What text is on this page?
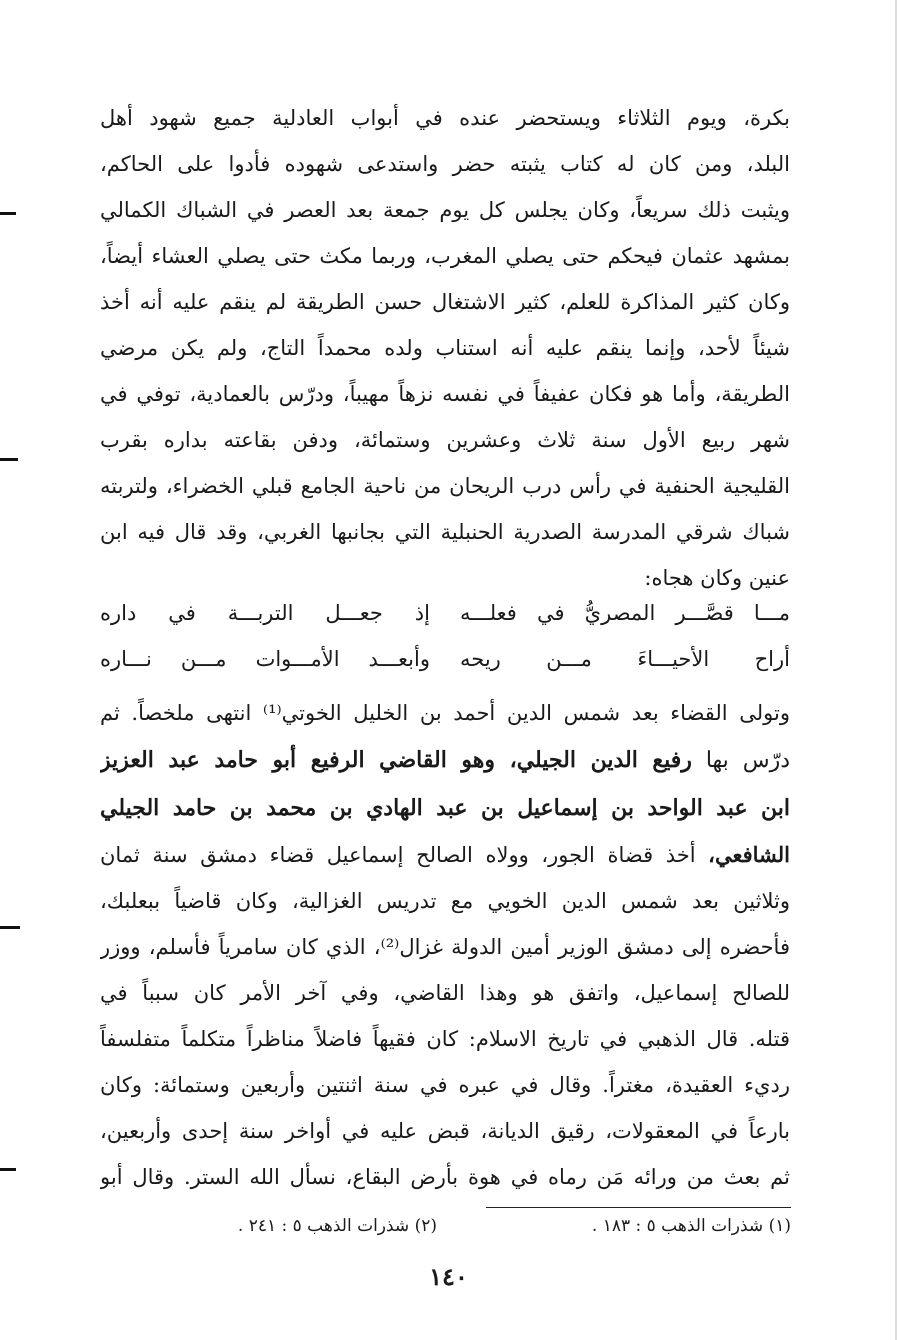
بكرة، ويوم الثلاثاء ويستحضر عنده في أبواب العادلية جميع شهود أهل
البلد، ومن كان له كتاب يثبته حضر واستدعى شهوده فأدوا على الحاكم،
ويثبت ذلك سريعاً، وكان يجلس كل يوم جمعة بعد العصر في الشباك الكمالي
بمشهد عثمان فيحكم حتى يصلي المغرب، وربما مكث حتى يصلي العشاء أيضاً،
وكان كثير المذاكرة للعلم، كثير الاشتغال حسن الطريقة لم ينقم عليه أنه أخذ
شيئاً لأحد، وإنما ينقم عليه أنه استناب ولده محمداً التاج، ولم يكن مرضي
الطريقة، وأما هو فكان عفيفاً في نفسه نزهاً مهيباً، ودرّس بالعمادية، توفي في
شهر ربيع الأول سنة ثلاث وعشرين وستمائة، ودفن بقاعته بداره بقرب
القليجية الحنفية في رأس درب الريحان من ناحية الجامع قبلي الخضراء، ولتربته
شباك شرقي المدرسة الصدرية الحنبلية التي بجانبها الغربي، وقد قال فيه ابن
عنين وكان هجاه:
مـــا قصَّـــر المصريُّ في فعلـــه
إذ جعـــل التربـــة في داره
أراح الأحيـــاءَ مـــن ريحه
وأبعـــد الأمـــوات مـــن نـــاره
وتولى القضاء بعد شمس الدين أحمد بن الخليل الخوتي⁽¹⁾ انتهى ملخصاً. ثم
درّس بها رفيع الدين الجيلي، وهو القاضي الرفيع أبو حامد عبد العزيز
ابن عبد الواحد بن إسماعيل بن عبد الهادي بن محمد بن حامد الجيلي
الشافعي، أخذ قضاة الجور، وولاه الصالح إسماعيل قضاء دمشق سنة ثمان
وثلاثين بعد شمس الدين الخويي مع تدريس الغزالية، وكان قاضياً ببعلبك،
فأحضره إلى دمشق الوزير أمين الدولة غزال⁽²⁾، الذي كان سامرياً فأسلم، ووزر
للصالح إسماعيل، واتفق هو وهذا القاضي، وفي آخر الأمر كان سبباً في
قتله. قال الذهبي في تاريخ الاسلام: كان فقيهاً فاضلاً مناظراً متكلماً متفلسفاً
رديء العقيدة، مغتراً. وقال في عبره في سنة اثنتين وأربعين وستمائة: وكان
بارعاً في المعقولات، رقيق الديانة، قبض عليه في أواخر سنة إحدى وأربعين،
ثم بعث من ورائه مَن رماه في هوة بأرض البقاع، نسأل الله الستر. وقال أبو
(١) شذرات الذهب ٥ : ١٨٣ .
(٢) شذرات الذهب ٥ : ٢٤١ .
١٤٠
